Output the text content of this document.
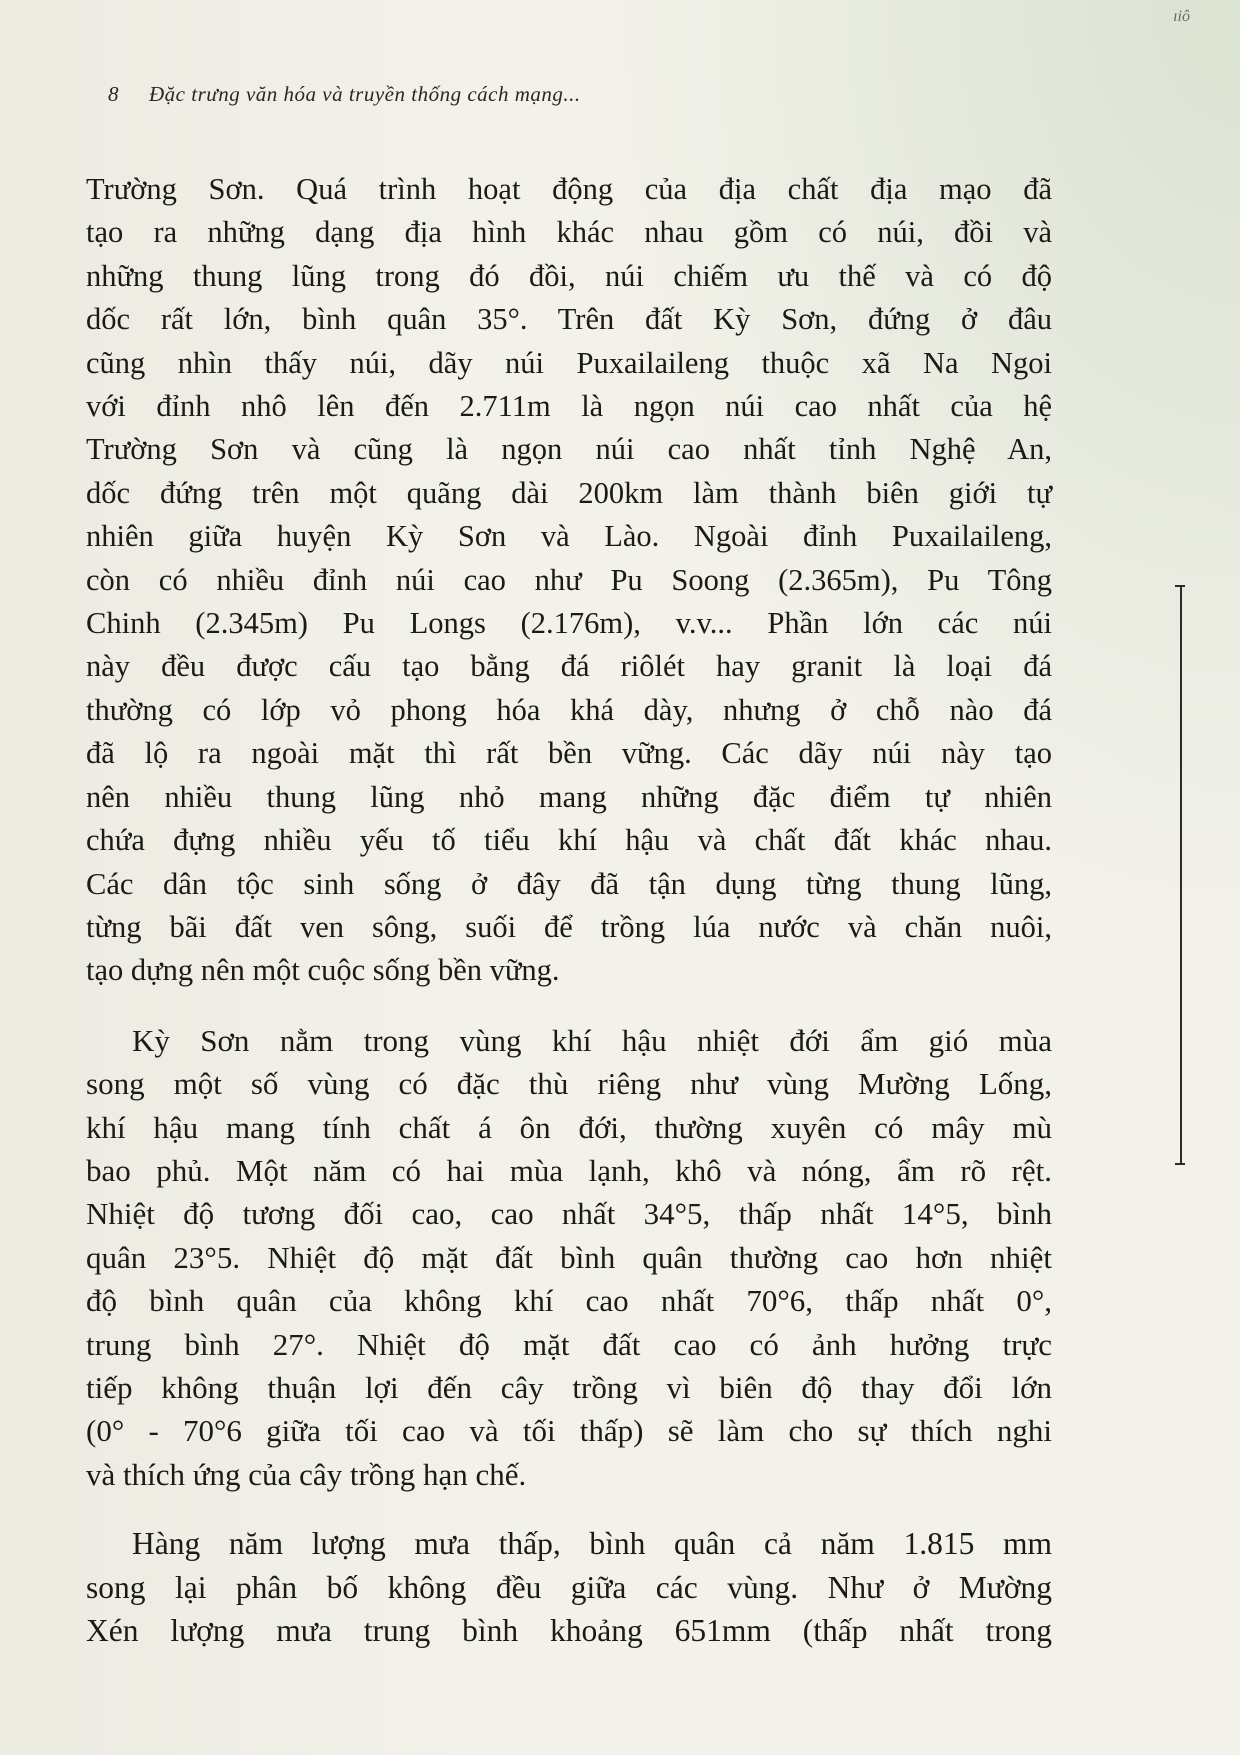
ıiô
8 Đặc trưng văn hóa và truyền thống cách mạng...

Trường Sơn. Quá trình hoạt động của địa chất địa mạo đã
tạo ra những dạng địa hình khác nhau gồm có núi, đồi và
những thung lũng trong đó đồi, núi chiếm ưu thế và có độ
dốc rất lớn, bình quân 35°. Trên đất Kỳ Sơn, đứng ở đâu
cũng nhìn thấy núi, dãy núi Puxailaileng thuộc xã Na Ngoi
với đỉnh nhô lên đến 2.711m là ngọn núi cao nhất của hệ
Trường Sơn và cũng là ngọn núi cao nhất tỉnh Nghệ An,
dốc đứng trên một quãng dài 200km làm thành biên giới tự
nhiên giữa huyện Kỳ Sơn và Lào. Ngoài đỉnh Puxailaileng,
còn có nhiều đỉnh núi cao như Pu Soong (2.365m), Pu Tông
Chinh (2.345m) Pu Longs (2.176m), v.v... Phần lớn các núi
này đều được cấu tạo bằng đá riôlét hay granit là loại đá
thường có lớp vỏ phong hóa khá dày, nhưng ở chỗ nào đá
đã lộ ra ngoài mặt thì rất bền vững. Các dãy núi này tạo
nên nhiều thung lũng nhỏ mang những đặc điểm tự nhiên
chứa đựng nhiều yếu tố tiểu khí hậu và chất đất khác nhau.
Các dân tộc sinh sống ở đây đã tận dụng từng thung lũng,
từng bãi đất ven sông, suối để trồng lúa nước và chăn nuôi,
tạo dựng nên một cuộc sống bền vững.

Kỳ Sơn nằm trong vùng khí hậu nhiệt đới ẩm gió mùa
song một số vùng có đặc thù riêng như vùng Mường Lống,
khí hậu mang tính chất á ôn đới, thường xuyên có mây mù
bao phủ. Một năm có hai mùa lạnh, khô và nóng, ẩm rõ rệt.
Nhiệt độ tương đối cao, cao nhất 34°5, thấp nhất 14°5, bình
quân 23°5. Nhiệt độ mặt đất bình quân thường cao hơn nhiệt
độ bình quân của không khí cao nhất 70°6, thấp nhất 0°,
trung bình 27°. Nhiệt độ mặt đất cao có ảnh hưởng trực
tiếp không thuận lợi đến cây trồng vì biên độ thay đổi lớn
(0° - 70°6 giữa tối cao và tối thấp) sẽ làm cho sự thích nghi
và thích ứng của cây trồng hạn chế.

Hàng năm lượng mưa thấp, bình quân cả năm 1.815 mm
song lại phân bố không đều giữa các vùng. Như ở Mường
Xén lượng mưa trung bình khoảng 651mm (thấp nhất trong
